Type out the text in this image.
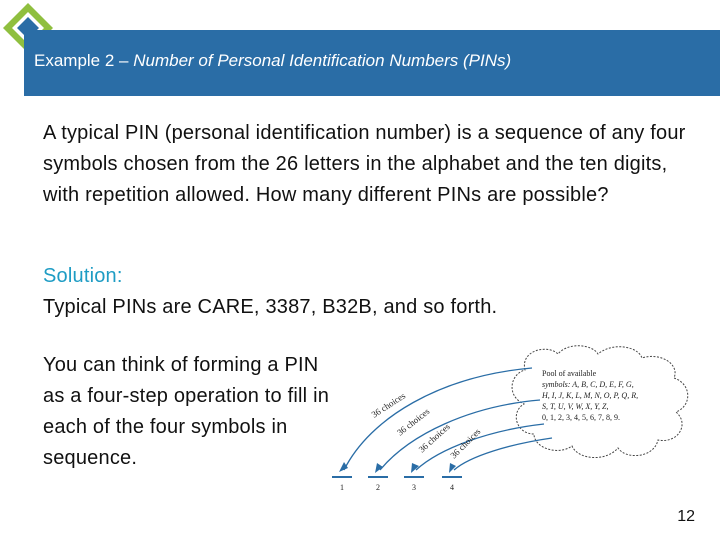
Example 2 – Number of Personal Identification Numbers (PINs)
A typical PIN (personal identification number) is a sequence of any four symbols chosen from the 26 letters in the alphabet and the ten digits, with repetition allowed. How many different PINs are possible?
Solution:
Typical PINs are CARE, 3387, B32B, and so forth.
You can think of forming a PIN as a four-step operation to fill in each of the four symbols in sequence.
Pool of available
symbols: A, B, C, D, E, F, G,
H, I, J, K, L, M, N, O, P, Q, R,
S, T, U, V, W, X, Y, Z,
0, 1, 2, 3, 4, 5, 6, 7, 8, 9.
36 choices
36 choices
36 choices
36 choices
1	2	3	4
12
